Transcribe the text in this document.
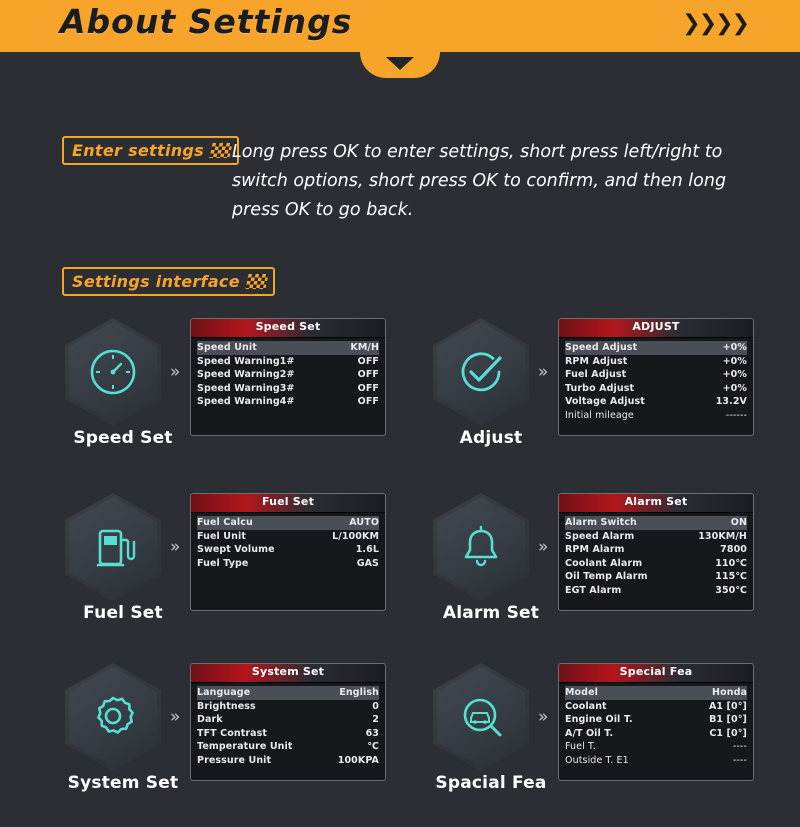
About Settings	❯❯❯❯
Enter settings Long press OK to enter settings, short press left/right to switch options, short press OK to confirm, and then long press OK to go back.
Settings interface
Speed Set
»
Speed Set
Speed Unit	KM/H
Speed Warning1#	OFF
Speed Warning2#	OFF
Speed Warning3#	OFF
Speed Warning4#	OFF
Adjust
»
ADJUST
Speed Adjust	+0%
RPM Adjust	+0%
Fuel Adjust	+0%
Turbo Adjust	+0%
Voltage Adjust	13.2V
Initial mileage	------
Fuel Set
»
Fuel Set
Fuel Calcu	AUTO
Fuel Unit	L/100KM
Swept Volume	1.6L
Fuel Type	GAS
Alarm Set
»
Alarm Set
Alarm Switch	ON
Speed Alarm	130KM/H
RPM Alarm	7800
Coolant Alarm	110℃
Oil Temp Alarm	115℃
EGT Alarm	350℃
System Set
»
System Set
Language	English
Brightness	0
Dark	2
TFT Contrast	63
Temperature Unit	℃
Pressure Unit	100KPA
Spacial Fea
»
Special Fea
Model	Honda
Coolant	A1 [0°]
Engine Oil T.	B1 [0°]
A/T Oil T.	C1 [0°]
Fuel T.	----
Outside T. E1	----
